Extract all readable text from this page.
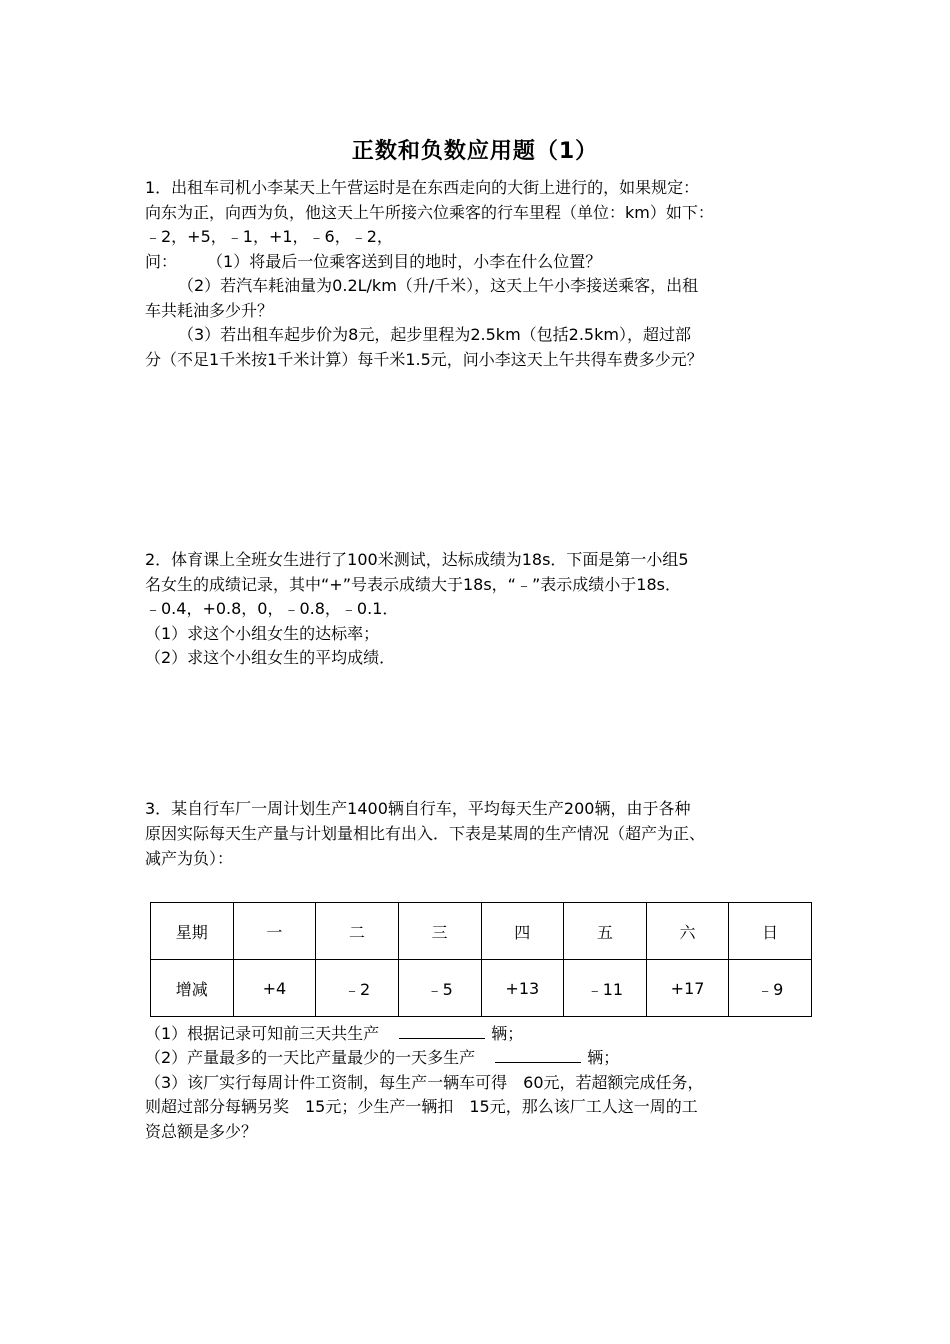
正数和负数应用题（1）
1．出租车司机小李某天上午营运时是在东西走向的大街上进行的，如果规定：
向东为正，向西为负，他这天上午所接六位乘客的行车里程（单位：km）如下：
﹣2，+5，﹣1，+1，﹣6，﹣2，
问： （1）将最后一位乘客送到目的地时，小李在什么位置？
（2）若汽车耗油量为0.2L/km（升/千米），这天上午小李接送乘客，出租
车共耗油多少升？
（3）若出租车起步价为8元，起步里程为2.5km（包括2.5km），超过部
分（不足1千米按1千米计算）每千米1.5元，问小李这天上午共得车费多少元？
2．体育课上全班女生进行了100米测试，达标成绩为18s．下面是第一小组5
名女生的成绩记录，其中“+”号表示成绩大于18s，“﹣”表示成绩小于18s．
﹣0.4，+0.8，0，﹣0.8，﹣0.1．
（1）求这个小组女生的达标率；
（2）求这个小组女生的平均成绩．
3．某自行车厂一周计划生产1400辆自行车，平均每天生产200辆，由于各种
原因实际每天生产量与计划量相比有出入．下表是某周的生产情况（超产为正、
减产为负）：
星期	一	二	三	四	五	六	日
增减	+4	﹣2	﹣5	+13	﹣11	+17	﹣9
（1）根据记录可知前三天共生产	辆；
（2）产量最多的一天比产量最少的一天多生产	辆；
（3）该厂实行每周计件工资制，每生产一辆车可得　60元，若超额完成任务，
则超过部分每辆另奖　15元；少生产一辆扣　15元，那么该厂工人这一周的工
资总额是多少？
